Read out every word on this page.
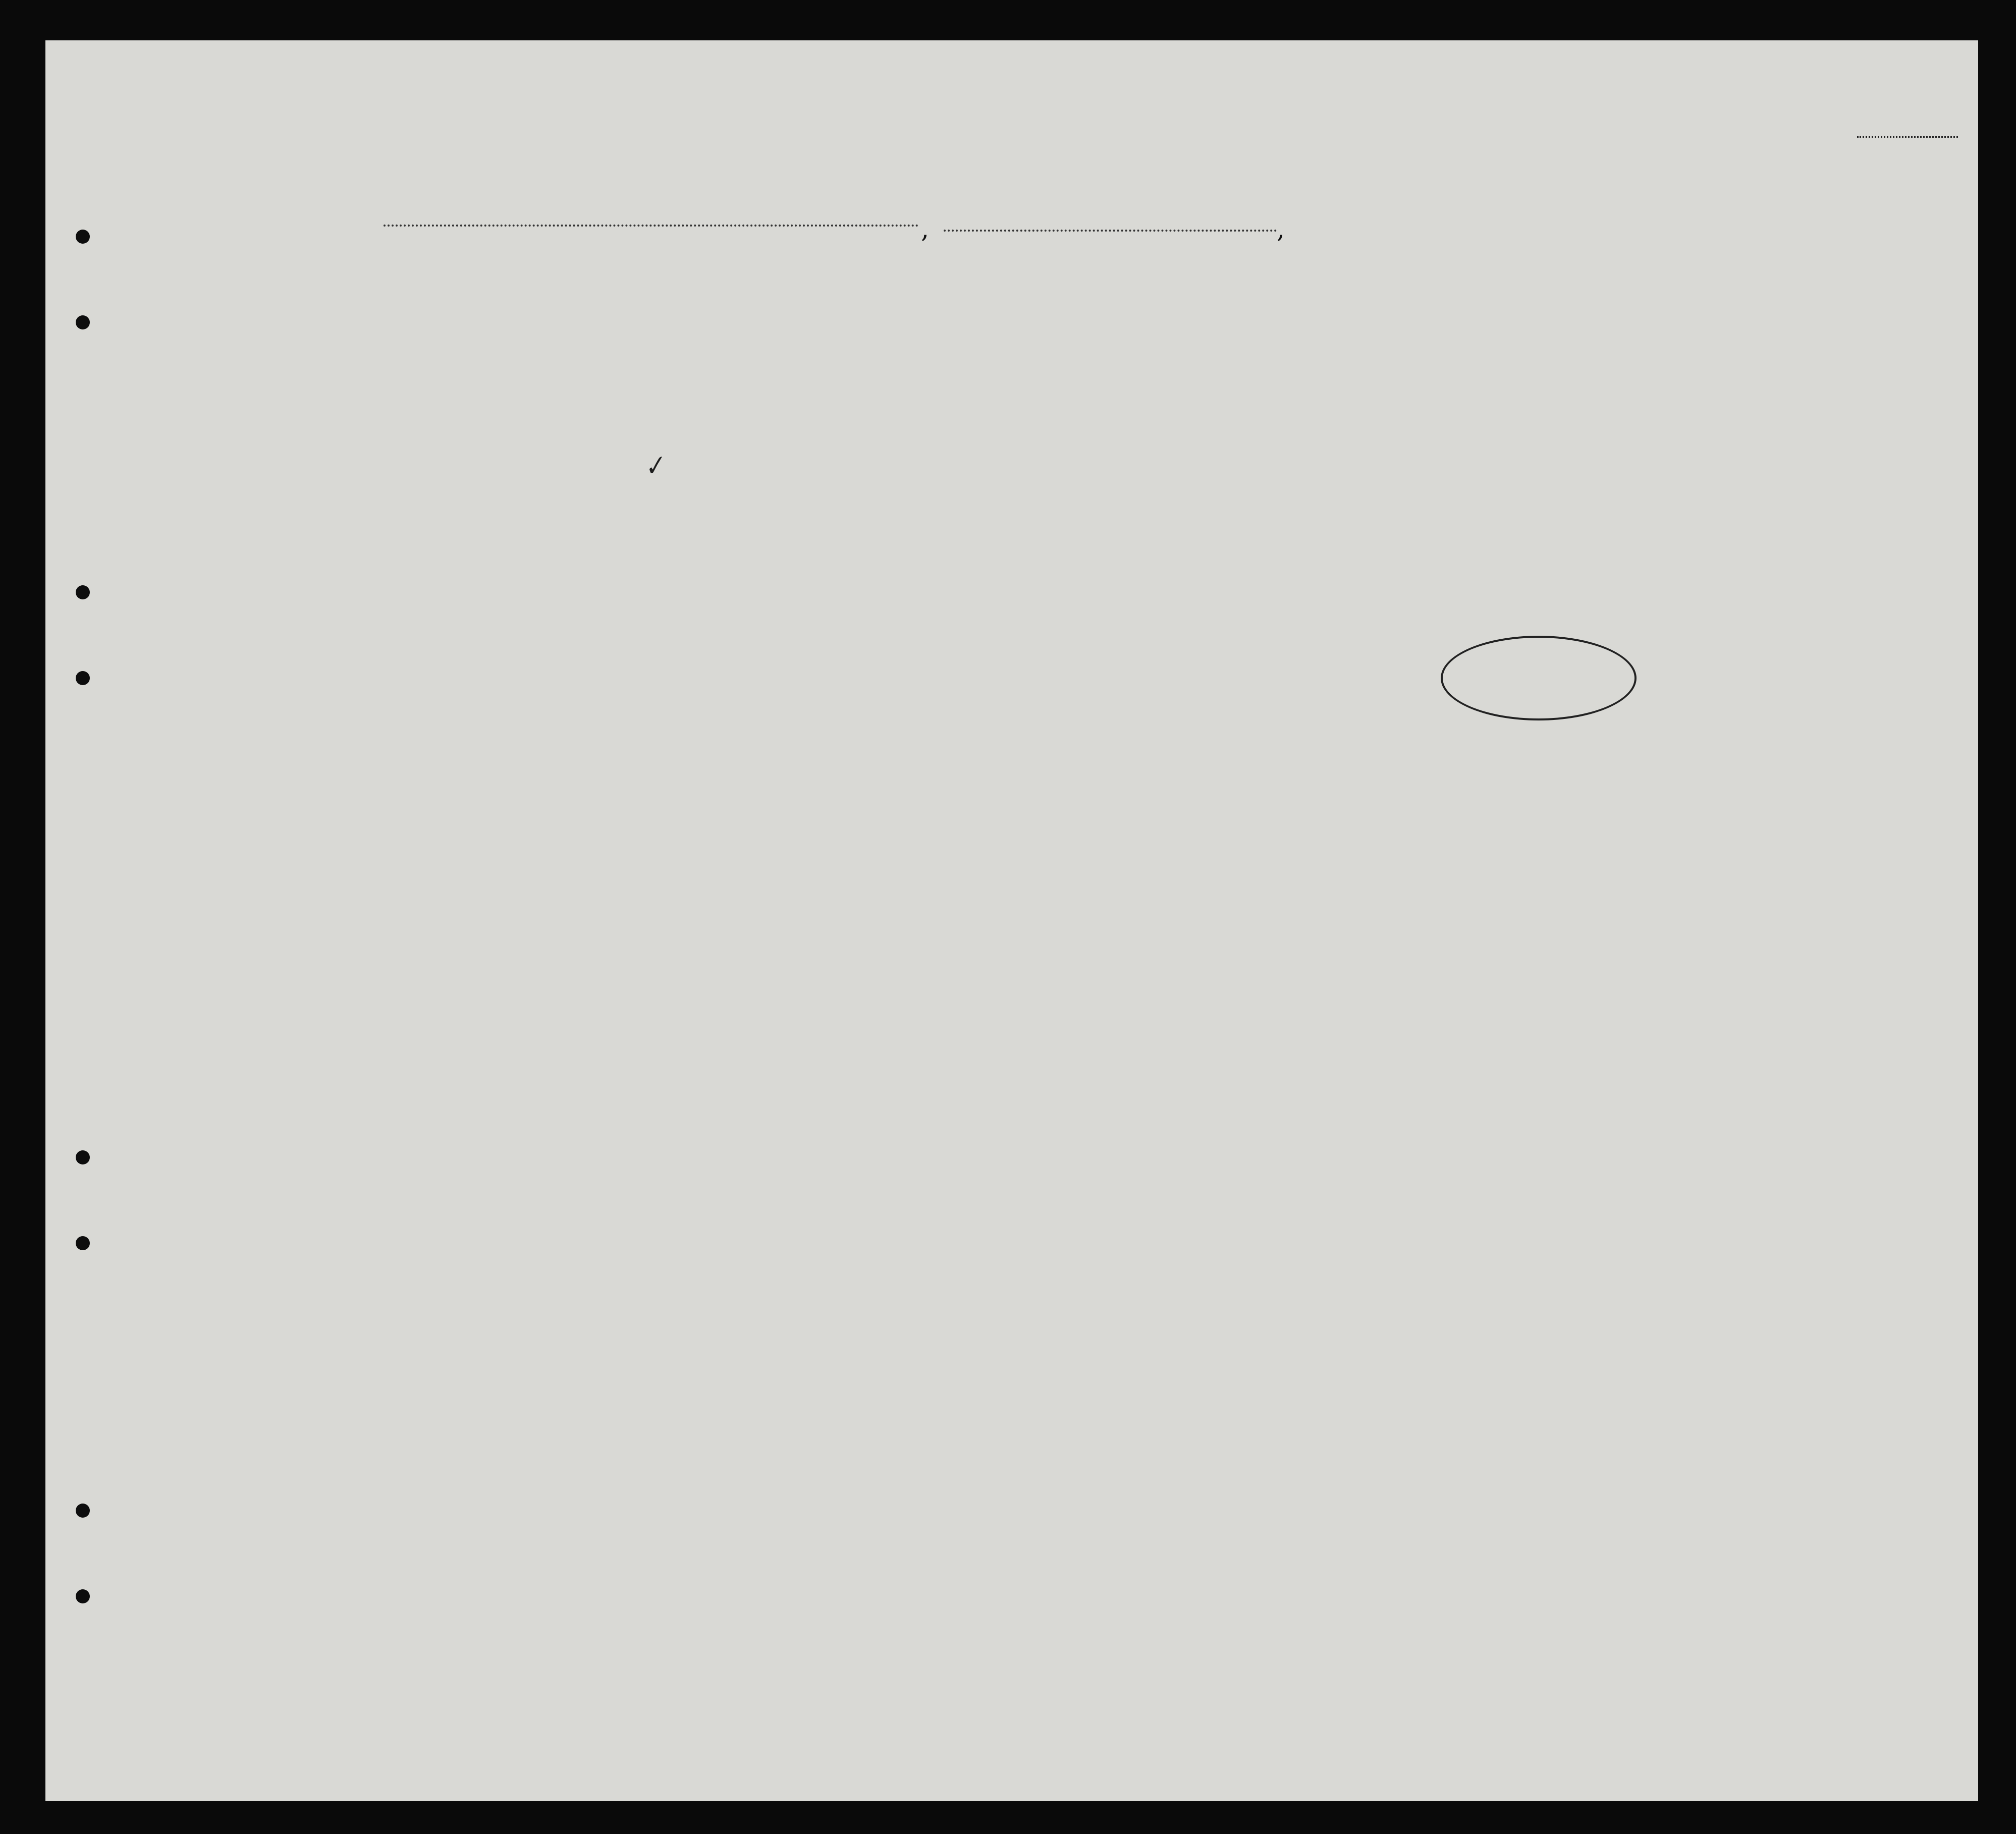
,	,
✓
